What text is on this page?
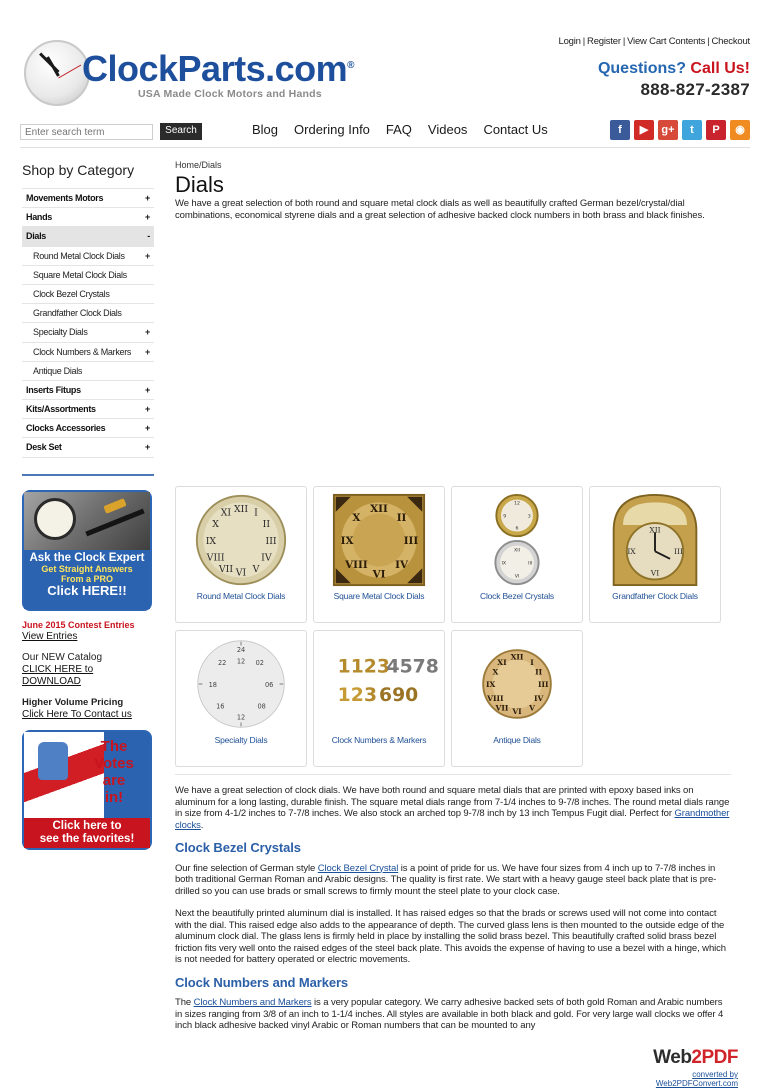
Login | Register | View Cart Contents | Checkout
ClockParts.com®
USA Made Clock Motors and Hands
Questions? Call Us!
888-827-2387
Enter search term
Search	Blog Ordering Info FAQ Videos Contact Us	f	▶	g+	t	P	◉
Shop by Category
Movements Motors	+
Hands	+
Dials	-
Round Metal Clock Dials +
Square Metal Clock Dials
Clock Bezel Crystals
Grandfather Clock Dials
Specialty Dials	+
Clock Numbers & Markers +
Antique Dials
Inserts Fitups	+
Kits/Assortments	+
Clocks Accessories	+
Desk Set	+
Ask the Clock Expert
Get Straight Answers
From a PRO
Click HERE!!
June 2015 Contest Entries
View Entries
Our NEW Catalog
CLICK HERE to
DOWNLOAD
Higher Volume Pricing
Click Here To Contact us
The
Votes
are
in!
Click here to
see the favorites!
Home/Dials
Dials
We have a great selection of both round and square metal clock dials as well as beautifully crafted German bezel/crystal/dial combinations, economical styrene dials and a great selection of adhesive backed clock numbers in both brass and black finishes.
XII
III
VI
IX
I
II
IV
V
VII
VIII
X
XI
Round Metal Clock Dials
XII
III
VI
IX
II
X
IV
VIII
Square Metal Clock Dials
12
3
6
9
XII
III
VI
IX
Clock Bezel Crystals
XII
III
VI
IX
Grandfather Clock Dials
24
12
06
12
18
02
22
08
16
Specialty Dials
1123
4578
12 3 690
Clock Numbers & Markers
XII
III
VI
IX
I
II
IV
V
VII
VIII
X
XI
Antique Dials

We have a great selection of clock dials. We have both round and square metal dials that are printed with epoxy based inks on aluminum for a long lasting, durable finish. The square metal dials range from 7-1/4 inches to 9-7/8 inches. The round metal dials range in size from 4-1/2 inches to 7-7/8 inches. We also stock an arched top 9-7/8 inch by 13 inch Tempus Fugit dial. Perfect for Grandmother clocks.

Clock Bezel Crystals

Our fine selection of German style Clock Bezel Crystal is a point of pride for us. We have four sizes from 4 inch up to 7-7/8 inches in both traditional German Roman and Arabic designs. The quality is first rate. We start with a heavy gauge steel back plate that is pre-drilled so you can use brads or small screws to firmly mount the steel plate to your clock case.

Next the beautifully printed aluminum dial is installed. It has raised edges so that the brads or screws used will not come into contact with the dial. This raised edge also adds to the appearance of depth. The curved glass lens is then mounted to the outside edge of the aluminum clock dial. The glass lens is firmly held in place by installing the solid brass bezel. This beautifully crafted solid brass bezel friction fits very well onto the raised edges of the steel back plate. This avoids the expense of having to use a bezel with a hinge, which is not needed for battery operated or electric movements.

Clock Numbers and Markers

The Clock Numbers and Markers is a very popular category. We carry adhesive backed sets of both gold Roman and Arabic numbers in sizes ranging from 3/8 of an inch to 1-1/4 inches. All styles are available in both black and gold. For very large wall clocks we offer 4 inch black adhesive backed vinyl Arabic or Roman numbers that can be mounted to any

Web2PDF
converted by Web2PDFConvert.com
